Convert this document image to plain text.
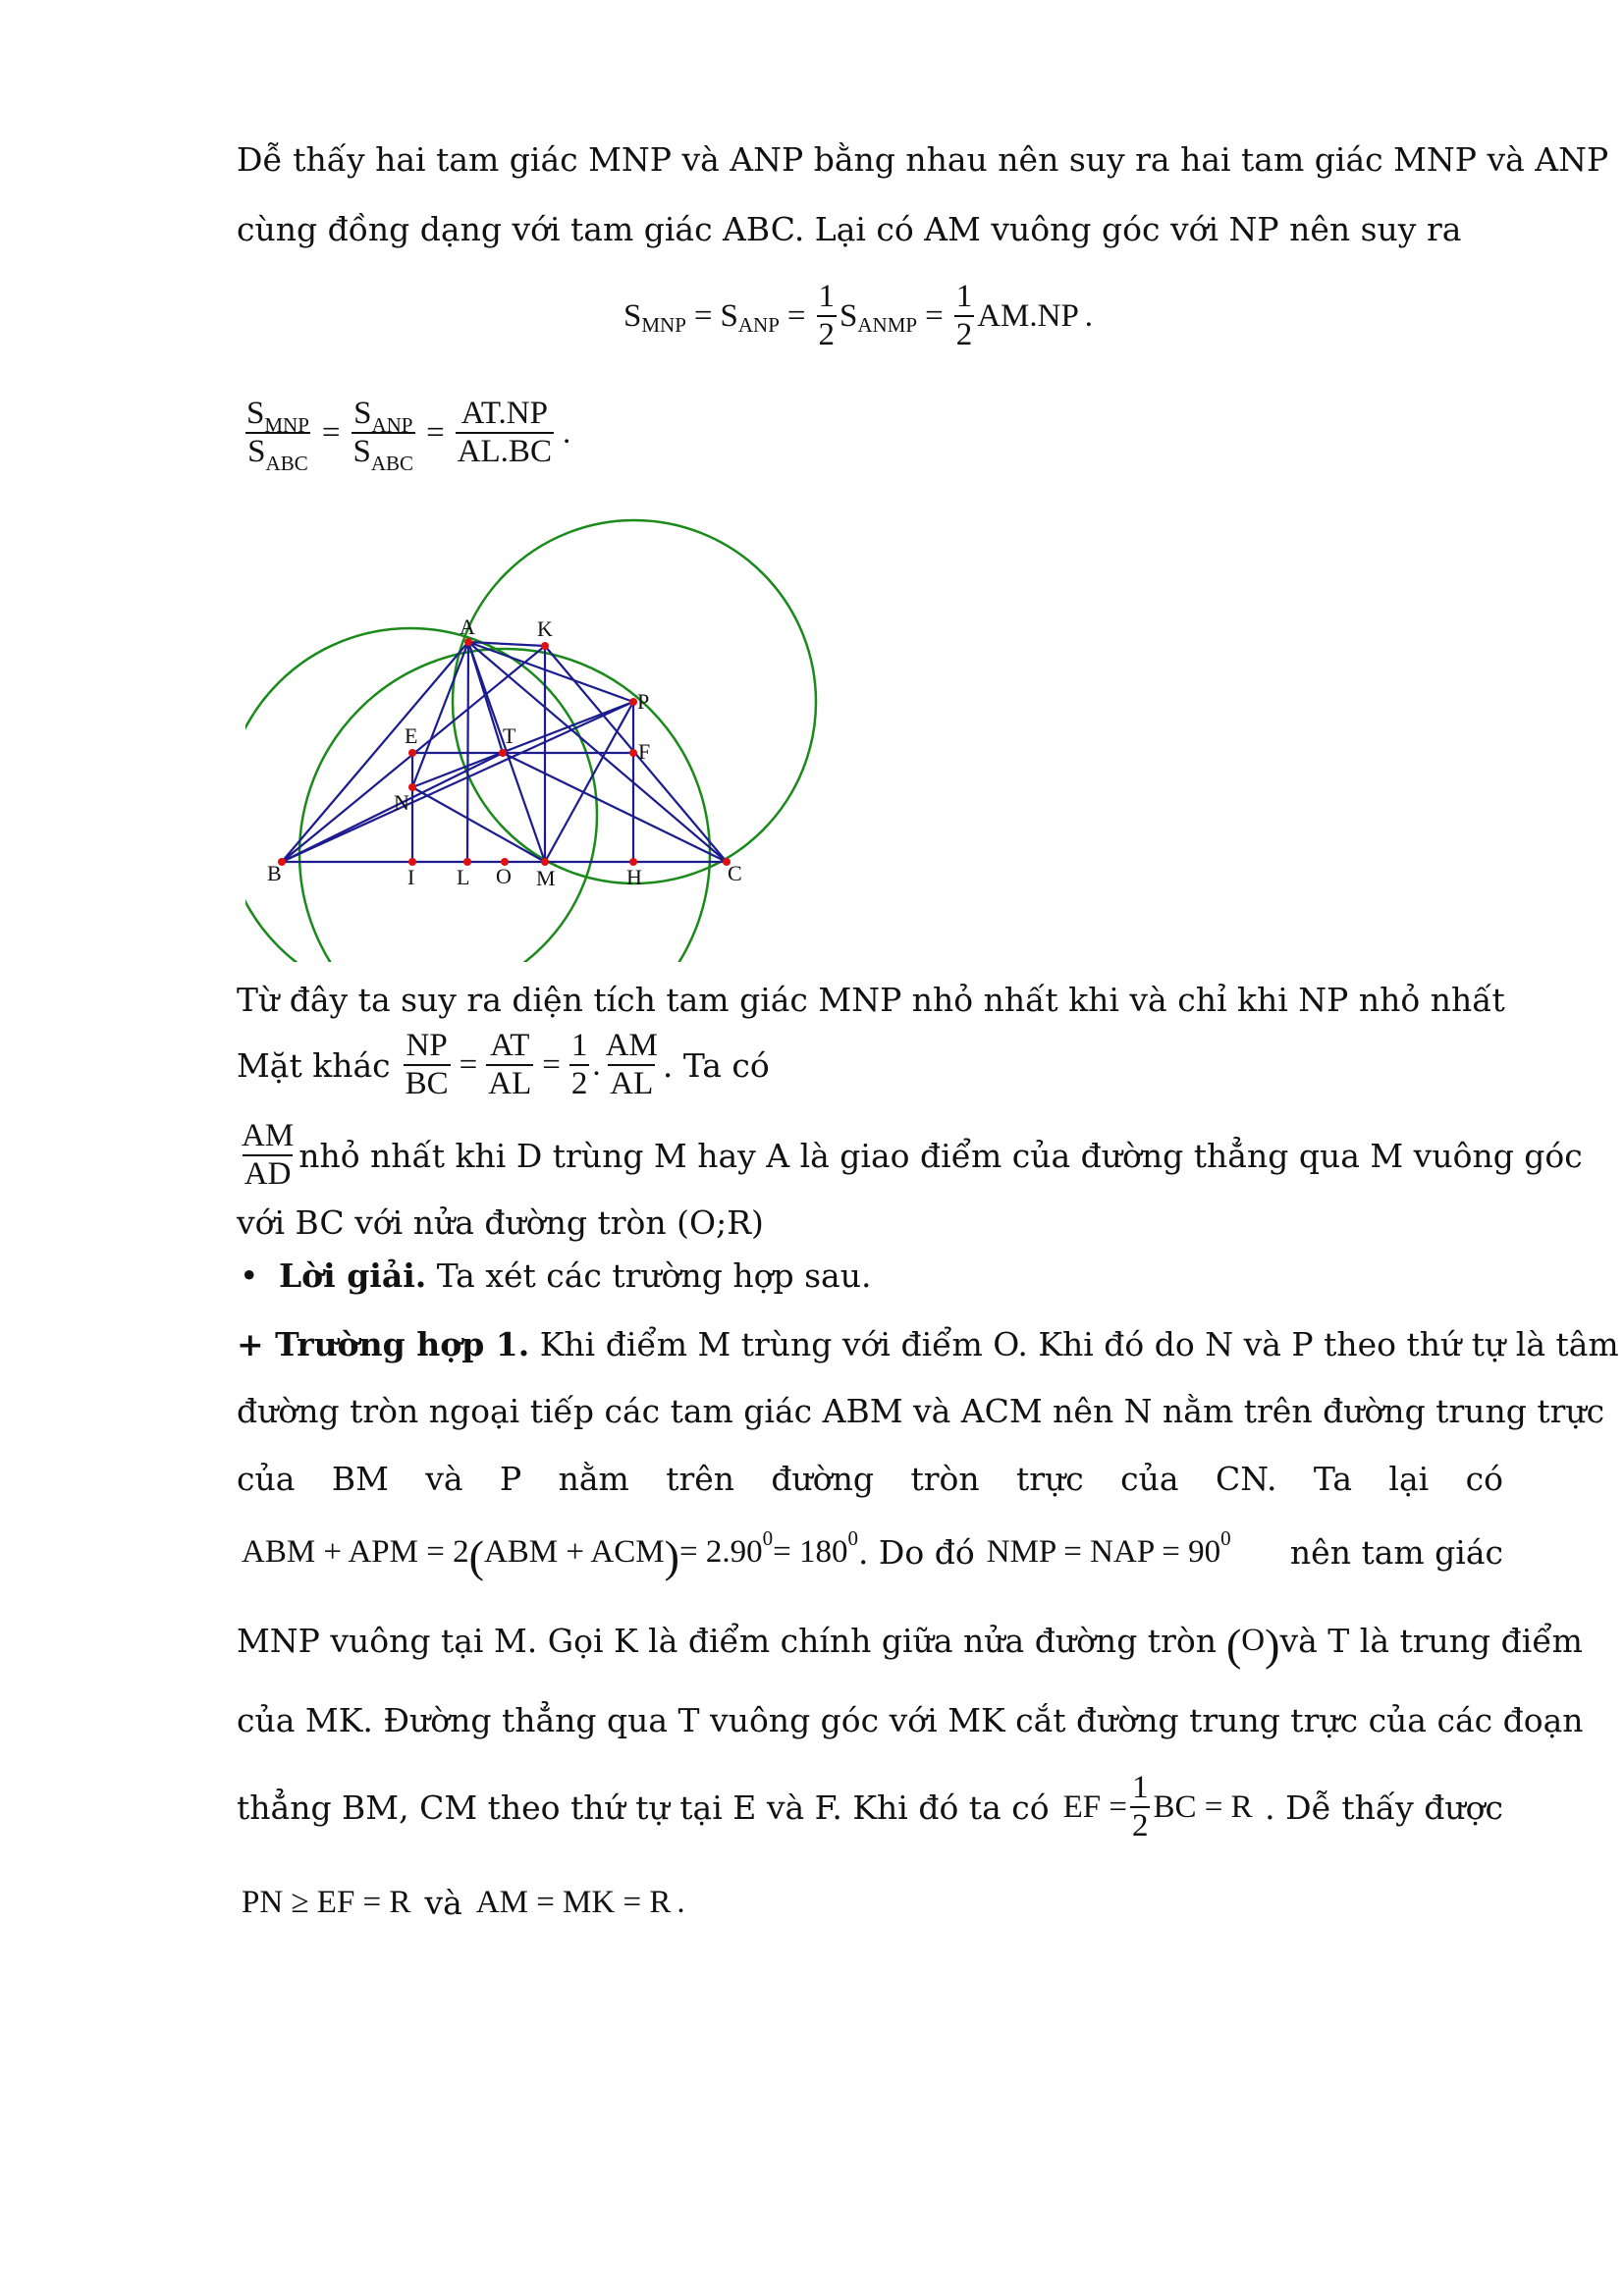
Dễ thấy hai tam giác MNP và ANP bằng nhau nên suy ra hai tam giác MNP và ANP
cùng đồng dạng với tam giác ABC. Lại có AM vuông góc với NP nên suy ra
S MNP = S ANP = $\frac{1}{2}$ S ANMP = $\frac{1}{2} AM.NP$ .
$\frac{S_{MNP}}{S_{ABC}} = \frac{S_{ANP}}{S_{ABC}} = \frac{AT.NP}{AL.BC}$ .
A	K
P
E	T
F
N
B	I L O M	H	C
Từ đây ta suy ra diện tích tam giác MNP nhỏ nhất khi và chỉ khi NP nhỏ nhất
Mặt khác $\frac{NP}{BC} = \frac{AT}{AL} = \frac{1}{2}$ . $\frac{AM}{AL}$ . Ta có
$\frac{AM}{AD}$ nhỏ nhất khi D trùng M hay A là giao điểm của đường thẳng qua M vuông góc
với BC với nửa đường tròn (O;R)
• Lời giải. Ta xét các trường hợp sau.
+ Trường hợp 1. Khi điểm M trùng với điểm O. Khi đó do N và P theo thứ tự là tâm
đường tròn ngoại tiếp các tam giác ABM và ACM nên N nằm trên đường trung trực
của BM và P nằm trên đường tròn trực của CN. Ta lại có
ABM + APM = 2 ( ABM + ACM ) = 2.90 0 = 180 0 . Do đó NMP = NAP = 90 0 nên tam giác
MNP vuông tại M. Gọi K là điểm chính giữa nửa đường tròn ( O ) và T là trung điểm
của MK. Đường thẳng qua T vuông góc với MK cắt đường trung trực của các đoạn
thẳng BM, CM theo thứ tự tại E và F. Khi đó ta có EF = $\frac{1}{2}$ BC = R . Dễ thấy được
PN ≥ EF = R và AM = MK = R .
